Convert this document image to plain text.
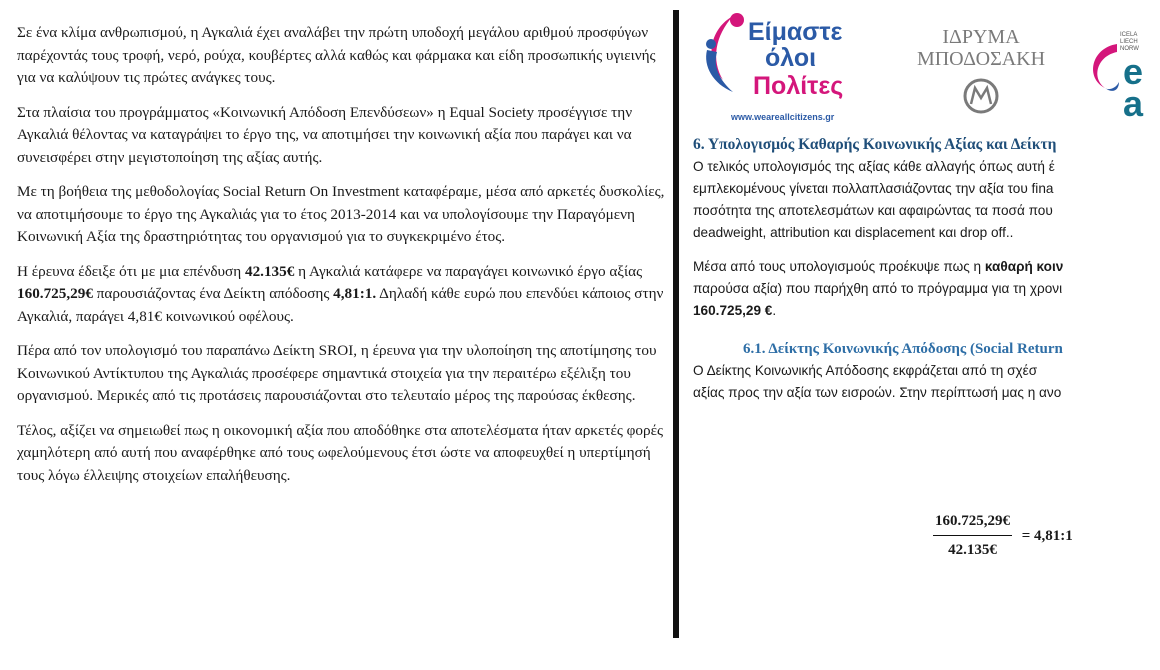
Σε ένα κλίμα ανθρωπισμού, η Αγκαλιά έχει αναλάβει την πρώτη υποδοχή μεγάλου αριθμού προσφύγων παρέχοντάς τους τροφή, νερό, ρούχα, κουβέρτες αλλά καθώς και φάρμακα και είδη προσωπικής υγιεινής για να καλύψουν τις πρώτες ανάγκες τους.

Στα πλαίσια του προγράμματος «Κοινωνική Απόδοση Επενδύσεων» η Equal Society προσέγγισε την Αγκαλιά θέλοντας να καταγράψει το έργο της, να αποτιμήσει την κοινωνική αξία που παράγει και να συνεισφέρει στην μεγιστοποίηση της αξίας αυτής.

Με τη βοήθεια της μεθοδολογίας Social Return On Investment καταφέραμε, μέσα από αρκετές δυσκολίες, να αποτιμήσουμε το έργο της Αγκαλιάς για το έτος 2013-2014 και να υπολογίσουμε την Παραγόμενη Κοινωνική Αξία της δραστηριότητας του οργανισμού για το συγκεκριμένο έτος.

Η έρευνα έδειξε ότι με μια επένδυση 42.135€ η Αγκαλιά κατάφερε να παραγάγει κοινωνικό έργο αξίας 160.725,29€ παρουσιάζοντας ένα Δείκτη απόδοσης 4,81:1. Δηλαδή κάθε ευρώ που επενδύει κάποιος στην Αγκαλιά, παράγει 4,81€ κοινωνικού οφέλους.

Πέρα από τον υπολογισμό του παραπάνω Δείκτη SROI, η έρευνα για την υλοποίηση της αποτίμησης του Κοινωνικού Αντίκτυπου της Αγκαλιάς προσέφερε σημαντικά στοιχεία για την περαιτέρω εξέλιξη του οργανισμού. Μερικές από τις προτάσεις παρουσιάζονται στο τελευταίο μέρος της παρούσας έκθεσης.

Τέλος, αξίζει να σημειωθεί πως η οικονομική αξία που αποδόθηκε στα αποτελέσματα ήταν αρκετές φορές χαμηλότερη από αυτή που αναφέρθηκε από τους ωφελούμενους έτσι ώστε να αποφευχθεί η υπερτίμησή τους λόγω έλλειψης στοιχείων επαλήθευσης.

Είμαστε
όλοι
Πολίτες
www.weareallcitizens.gr
ΙΔΡΥΜΑ
ΜΠΟΔΟΣΑΚΗ
ICELA
LIECH
NORW
e
a
6. Υπολογισμός Καθαρής Κοινωνικής Αξίας και Δείκτη
Ο τελικός υπολογισμός της αξίας κάθε αλλαγής όπως αυτή έ
εμπλεκομένους γίνεται πολλαπλασιάζοντας την αξία του fina
ποσότητα της αποτελεσμάτων και αφαιρώντας τα ποσά που
deadweight, attribution και displacement και drop off..
Μέσα από τους υπολογισμούς προέκυψε πως η καθαρή κοιν
παρούσα αξία) που παρήχθη από το πρόγραμμα για τη χρονι
160.725,29 €.
6.1. Δείκτης Κοινωνικής Απόδοσης (Social Return
Ο Δείκτης Κοινωνικής Απόδοσης εκφράζεται από τη σχέσ
αξίας προς την αξία των εισροών. Στην περίπτωσή μας η ανο
$\frac{160.725,29€}{42.135€}$ = 4,81:1
